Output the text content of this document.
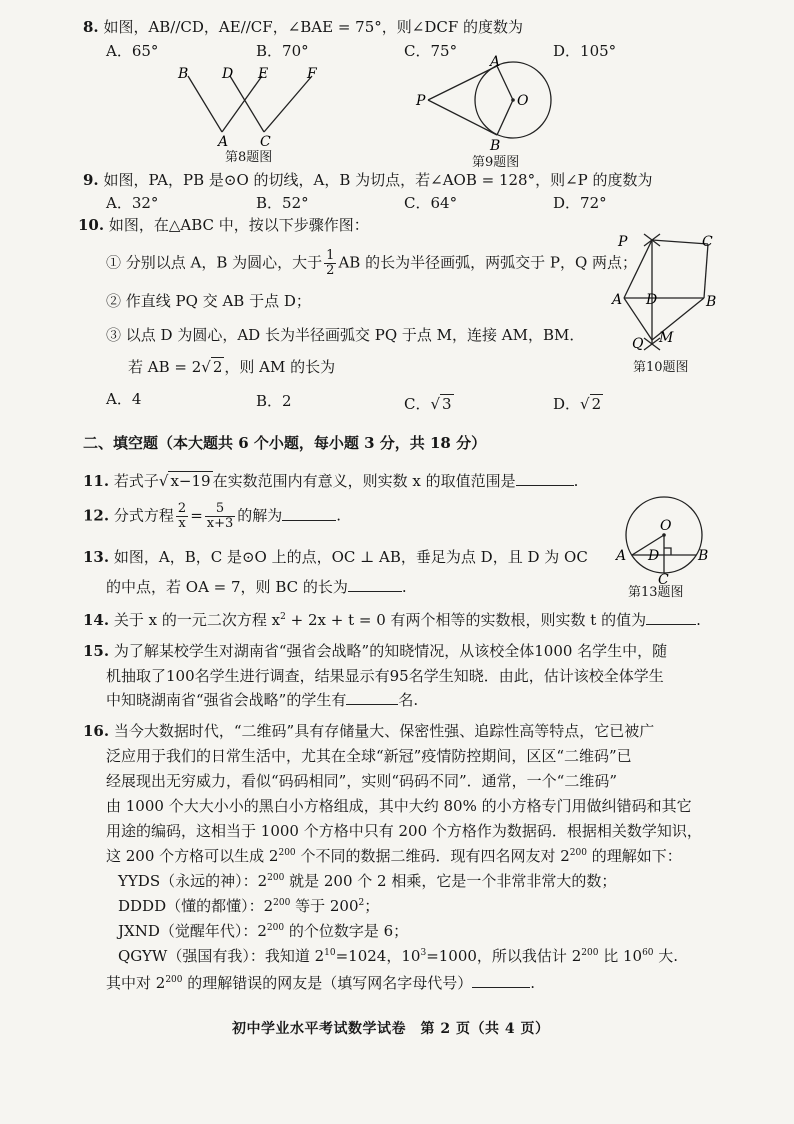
8. 如图，AB//CD，AE//CF，∠BAE = 75°，则∠DCF 的度数为
A．65°	B．70°	C．75°	D．105°
B D E	F
A C
第8题图
A
P	O
B
第9题图
9. 如图，PA，PB 是⊙O 的切线，A，B 为切点，若∠AOB = 128°，则∠P 的度数为
A．32°	B．52°	C．64°	D．72°
10. 如图，在△ABC 中，按以下步骤作图：
① 分别以点 A，B 为圆心，大于 $\frac{1}{2}$ AB 的长为半径画弧，两弧交于 P，Q 两点；
② 作直线 PQ 交 AB 于点 D；
③ 以点 D 为圆心，AD 长为半径画弧交 PQ 于点 M，连接 AM，BM．
若 AB = 2√ 2 ，则 AM 的长为
A．4	B．2	C．√ 3	D．√ 2
P	C
A D	B
Q M
第10题图
二、填空题（本大题共 6 个小题，每小题 3 分，共 18 分）
11. 若式子√ x−19 在实数范围内有意义，则实数 x 的取值范围是	.
12. 分式方程 $\frac{2}{x} = \frac{5}{x+3}$ 的解为	.
13. 如图，A，B，C 是⊙O 上的点，OC ⊥ AB，垂足为点 D，且 D 为 OC
的中点，若 OA = 7，则 BC 的长为	.
O
A D	B
C
第13题图
14. 关于 x 的一元二次方程 $x^2 + 2x + t = 0$ 有两个相等的实数根，则实数 t 的值为	.
15. 为了解某校学生对湖南省“强省会战略”的知晓情况，从该校全体1000 名学生中，随
机抽取了100名学生进行调查，结果显示有95名学生知晓．由此，估计该校全体学生
中知晓湖南省“强省会战略”的学生有	名.
16. 当今大数据时代，“二维码”具有存储量大、保密性强、追踪性高等特点，它已被广
泛应用于我们的日常生活中，尤其在全球“新冠”疫情防控期间，区区“二维码”已
经展现出无穷威力，看似“码码相同”，实则“码码不同”．通常，一个“二维码”
由 1000 个大大小小的黑白小方格组成，其中大约 80% 的小方格专门用做纠错码和其它
用途的编码，这相当于 1000 个方格中只有 200 个方格作为数据码．根据相关数学知识，
这 200 个方格可以生成 $2^{200}$ 个不同的数据二维码．现有四名网友对 $2^{200}$ 的理解如下：
YYDS（永远的神）：$2^{200}$ 就是 200 个 2 相乘，它是一个非常非常大的数；
DDDD（懂的都懂）：$2^{200}$ 等于 $200^2$；
JXND（觉醒年代）：$2^{200}$ 的个位数字是 6；
QGYW（强国有我）：我知道 $2^{10}=1024$，$10^3=1000$，所以我估计 $2^{200}$ 比 $10^{60}$ 大.
其中对 $2^{200}$ 的理解错误的网友是（填写网名字母代号）	.
初中学业水平考试数学试卷　第 2 页（共 4 页）
